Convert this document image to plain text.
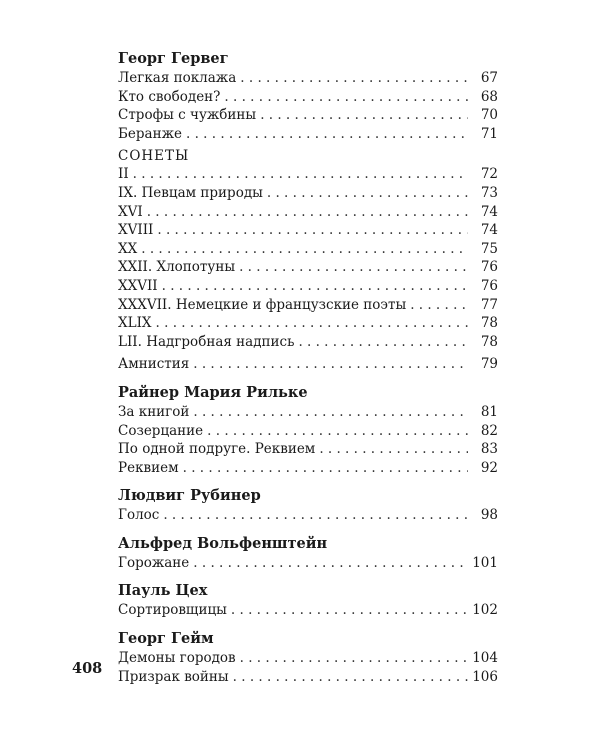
Георг Гервег
Легкая поклажа . . .	67
Кто свободен? . . .	68
Строфы с чужбины . . .	70
Беранже . . .	71
СОНЕТЫ
II . . .	72
IX. Певцам природы . . .	73
XVI . . .	74
XVIII . . .	74
XX . . .	75
XXII. Хлопотуны . . .	76
XXVII . . .	76
XXXVII. Немецкие и французские поэты . . .	77
XLIX . . .	78
LII. Надгробная надпись . . .	78
Амнистия . . .	79
Райнер Мария Рильке
За книгой . . .	81
Созерцание . . .	82
По одной подруге. Реквием . . .	83
Реквием . . .	92
Людвиг Рубинер
Голос . . .	98
Альфред Вольфенштейн
Горожане . . .	101
Пауль Цех
Сортировщицы . . .	102
Георг Гейм
Демоны городов . . .	104
Призрак войны . . .	106
408
